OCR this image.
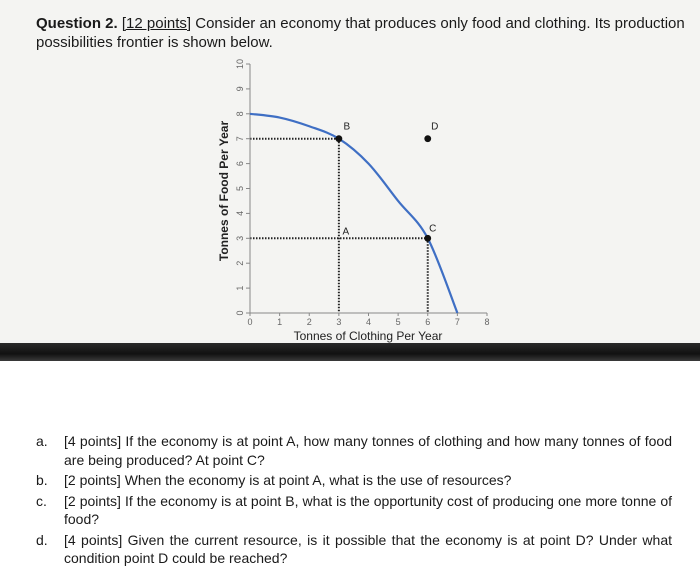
Question 2. [12 points] Consider an economy that produces only food and clothing. Its production possibilities frontier is shown below.
0	1	2	3	4	5	6	7	8
0
1
2
3
4
5
6
7
8
9
10
A
B
C
D
Tonnes of Clothing Per Year
Tonnes of Food Per Year
a. [4 points] If the economy is at point A, how many tonnes of clothing and how many tonnes of food are being produced? At point C?
b. [2 points] When the economy is at point A, what is the use of resources?
c. [2 points] If the economy is at point B, what is the opportunity cost of producing one more tonne of food?
d. [4 points] Given the current resource, is it possible that the economy is at point D? Under what condition point D could be reached?
